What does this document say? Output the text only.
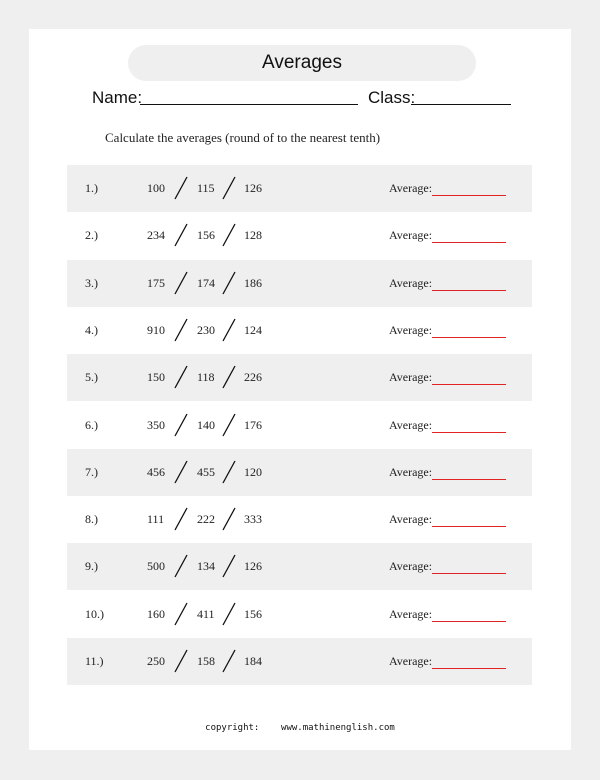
Averages
Name:	Class:
Calculate the averages (round of to the nearest tenth)
1.)	100	115 126	Average:
2.)	234	156 128	Average:
3.)	175	174 186	Average:
4.)	910	230 124	Average:
5.)	150	118 226	Average:
6.)	350	140 176	Average:
7.)	456	455 120	Average:
8.)	111	222 333	Average:
9.)	500	134 126	Average:
10.)	160	411 156	Average:
11.)	250	158 184	Average:
copyright: www.mathinenglish.com
